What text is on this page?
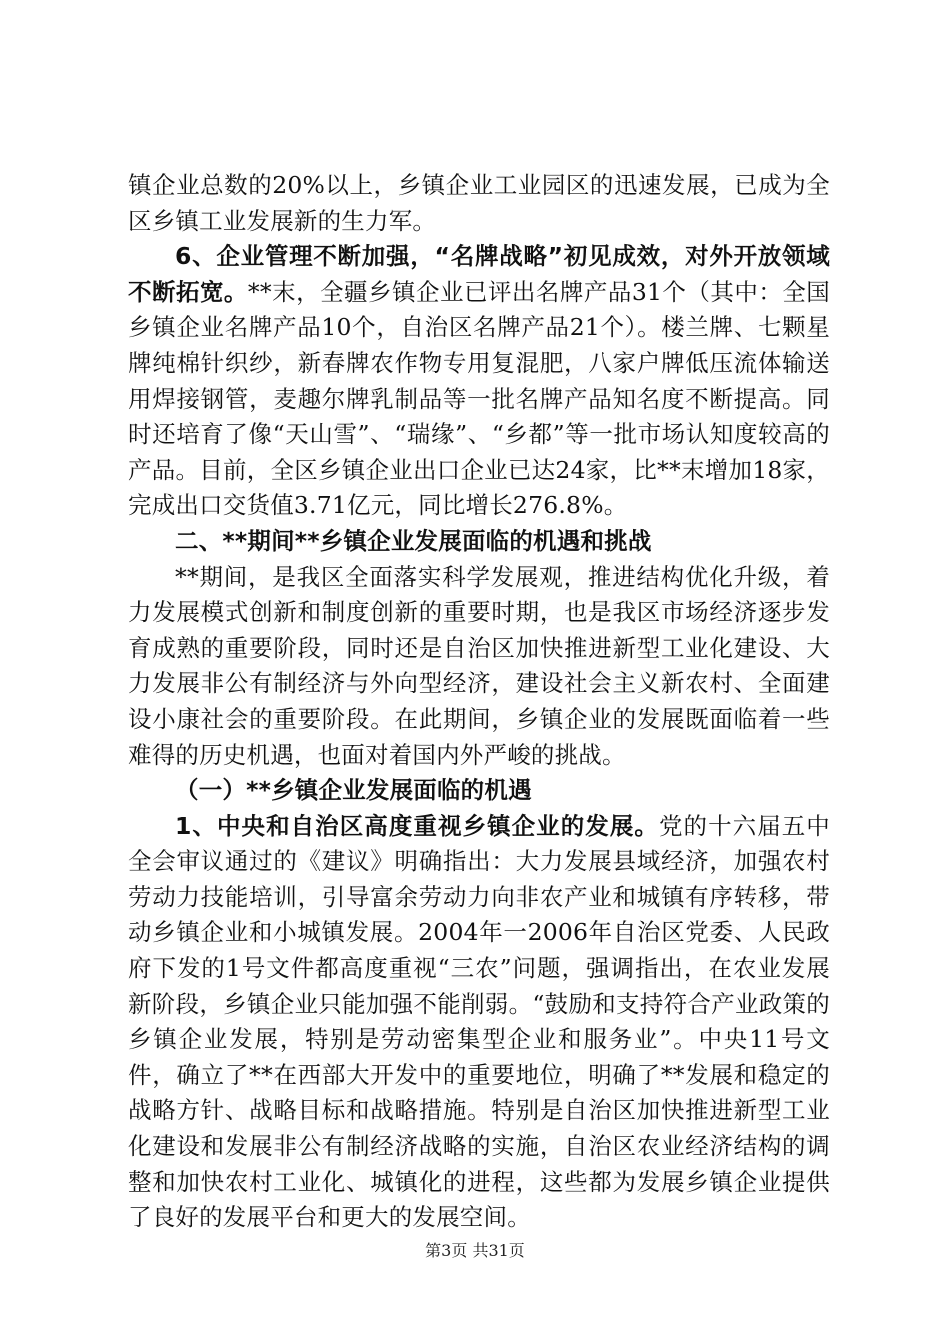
镇企业总数的20%以上，乡镇企业工业园区的迅速发展，已成为全区乡镇工业发展新的生力军。

6、企业管理不断加强，“名牌战略”初见成效，对外开放领域不断拓宽。**末，全疆乡镇企业已评出名牌产品31个（其中：全国乡镇企业名牌产品10个，自治区名牌产品21个）。楼兰牌、七颗星牌纯棉针织纱，新春牌农作物专用复混肥，八家户牌低压流体输送用焊接钢管，麦趣尔牌乳制品等一批名牌产品知名度不断提高。同时还培育了像“天山雪”、“瑞缘”、“乡都”等一批市场认知度较高的产品。目前，全区乡镇企业出口企业已达24家，比**末增加18家，完成出口交货值3.71亿元，同比增长276.8%。

二、**期间**乡镇企业发展面临的机遇和挑战

**期间，是我区全面落实科学发展观，推进结构优化升级，着力发展模式创新和制度创新的重要时期，也是我区市场经济逐步发育成熟的重要阶段，同时还是自治区加快推进新型工业化建设、大力发展非公有制经济与外向型经济，建设社会主义新农村、全面建设小康社会的重要阶段。在此期间，乡镇企业的发展既面临着一些难得的历史机遇，也面对着国内外严峻的挑战。

（一）**乡镇企业发展面临的机遇

1、中央和自治区高度重视乡镇企业的发展。党的十六届五中全会审议通过的《建议》明确指出：大力发展县域经济，加强农村劳动力技能培训，引导富余劳动力向非农产业和城镇有序转移，带动乡镇企业和小城镇发展。2004年一2006年自治区党委、人民政府下发的1号文件都高度重视“三农”问题，强调指出，在农业发展新阶段，乡镇企业只能加强不能削弱。“鼓励和支持符合产业政策的乡镇企业发展，特别是劳动密集型企业和服务业”。中央11号文件，确立了**在西部大开发中的重要地位，明确了**发展和稳定的战略方针、战略目标和战略措施。特别是自治区加快推进新型工业化建设和发展非公有制经济战略的实施，自治区农业经济结构的调整和加快农村工业化、城镇化的进程，这些都为发展乡镇企业提供了良好的发展平台和更大的发展空间。

第3页 共31页
